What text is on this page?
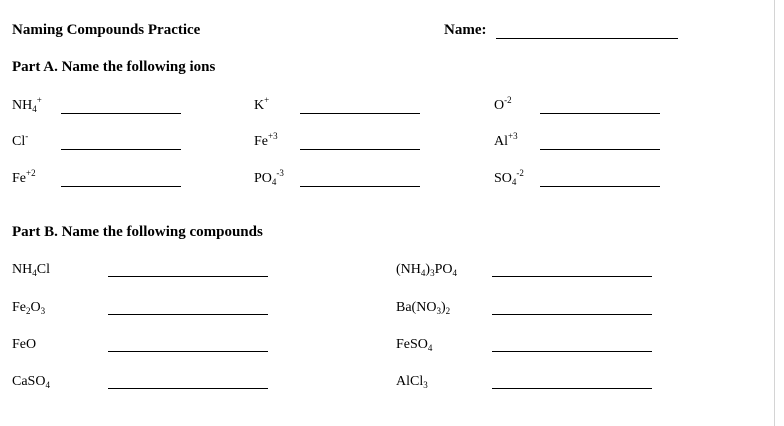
Naming Compounds Practice	Name:
Part A. Name the following ions
$NH_4^+$	K+	$O^{-2}$
Cl-	$Fe^{+3}$	$Al^{+3}$
$Fe^{+2}$	$PO_4^{-3}$	$SO_4^{-2}$
Part B. Name the following compounds
$NH_4Cl$	$(NH_4)_3PO_4$
$Fe_2O_3$	$Ba(NO_3)_2$
FeO	FeSO$_4$
CaSO$_4$	AlCl$_3$
